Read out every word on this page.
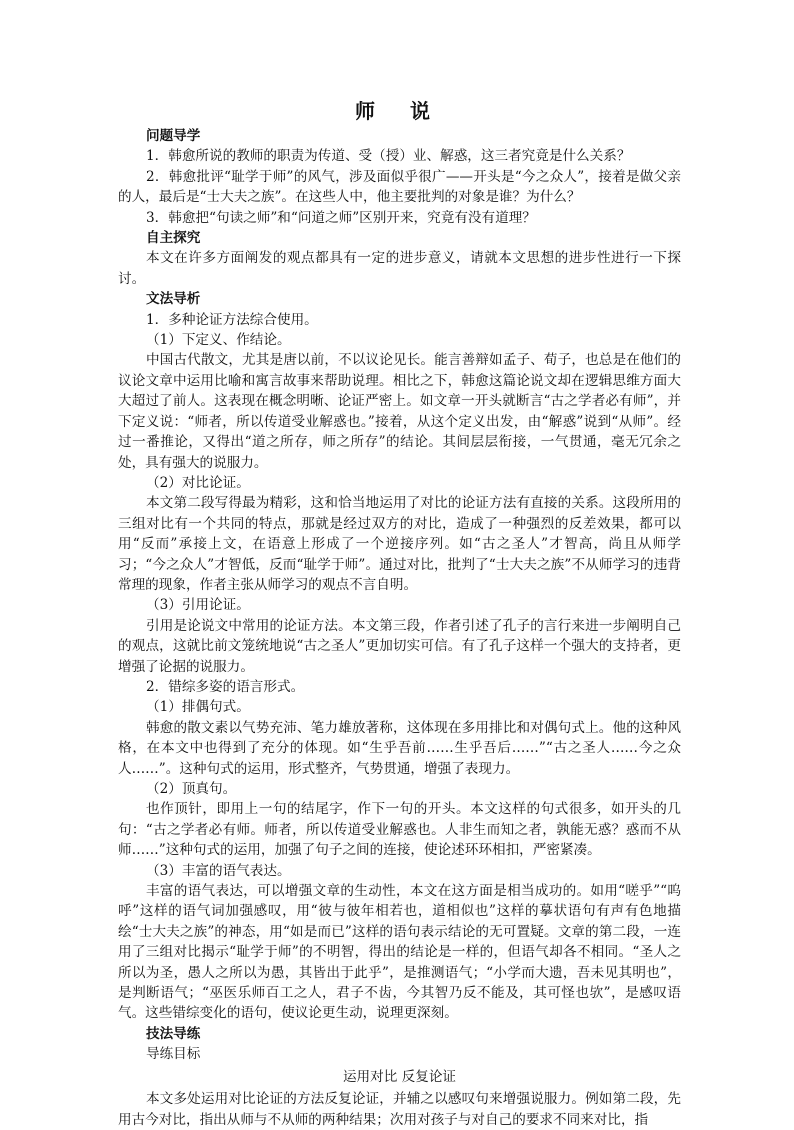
师 说

问题导学

1．韩愈所说的教师的职责为传道、受（授）业、解惑，这三者究竟是什么关系？

2．韩愈批评“耻学于师”的风气，涉及面似乎很广——开头是“今之众人”，接着是做父亲的人，最后是“士大夫之族”。在这些人中，他主要批判的对象是谁？为什么？

3．韩愈把“句读之师”和“问道之师”区别开来，究竟有没有道理？

自主探究

本文在许多方面阐发的观点都具有一定的进步意义，请就本文思想的进步性进行一下探讨。

文法导析

1．多种论证方法综合使用。

（1）下定义、作结论。

中国古代散文，尤其是唐以前，不以议论见长。能言善辩如孟子、荀子，也总是在他们的议论文章中运用比喻和寓言故事来帮助说理。相比之下，韩愈这篇论说文却在逻辑思维方面大大超过了前人。这表现在概念明晰、论证严密上。如文章一开头就断言“古之学者必有师”，并下定义说：“师者，所以传道受业解惑也。”接着，从这个定义出发，由“解惑”说到“从师”。经过一番推论，又得出“道之所存，师之所存”的结论。其间层层衔接，一气贯通，毫无冗余之处，具有强大的说服力。

（2）对比论证。

本文第二段写得最为精彩，这和恰当地运用了对比的论证方法有直接的关系。这段所用的三组对比有一个共同的特点，那就是经过双方的对比，造成了一种强烈的反差效果，都可以用“反而”承接上文，在语意上形成了一个逆接序列。如“古之圣人”才智高，尚且从师学习；“今之众人”才智低，反而“耻学于师”。通过对比，批判了“士大夫之族”不从师学习的违背常理的现象，作者主张从师学习的观点不言自明。

（3）引用论证。

引用是论说文中常用的论证方法。本文第三段，作者引述了孔子的言行来进一步阐明自己的观点，这就比前文笼统地说“古之圣人”更加切实可信。有了孔子这样一个强大的支持者，更增强了论据的说服力。

2．错综多姿的语言形式。

（1）排偶句式。

韩愈的散文素以气势充沛、笔力雄放著称，这体现在多用排比和对偶句式上。他的这种风格，在本文中也得到了充分的体现。如“生乎吾前……生乎吾后……”“古之圣人……今之众人……”。这种句式的运用，形式整齐，气势贯通，增强了表现力。

（2）顶真句。

也作顶针，即用上一句的结尾字，作下一句的开头。本文这样的句式很多，如开头的几句：“古之学者必有师。师者，所以传道受业解惑也。人非生而知之者，孰能无惑？惑而不从师……”这种句式的运用，加强了句子之间的连接，使论述环环相扣，严密紧凑。

（3）丰富的语气表达。

丰富的语气表达，可以增强文章的生动性，本文在这方面是相当成功的。如用“嗟乎”“呜呼”这样的语气词加强感叹，用“彼与彼年相若也，道相似也”这样的摹状语句有声有色地描绘“士大夫之族”的神态，用“如是而已”这样的语句表示结论的无可置疑。文章的第二段，一连用了三组对比揭示“耻学于师”的不明智，得出的结论是一样的，但语气却各不相同。“圣人之所以为圣，愚人之所以为愚，其皆出于此乎”，是推测语气；“小学而大遗，吾未见其明也”，是判断语气；“巫医乐师百工之人，君子不齿，今其智乃反不能及，其可怪也欤”，是感叹语气。这些错综变化的语句，使议论更生动，说理更深刻。

技法导练

导练目标

运用对比 反复论证

本文多处运用对比论证的方法反复论证，并辅之以感叹句来增强说服力。例如第二段，先用古今对比，指出从师与不从师的两种结果；次用对孩子与对自己的要求不同来对比，指
